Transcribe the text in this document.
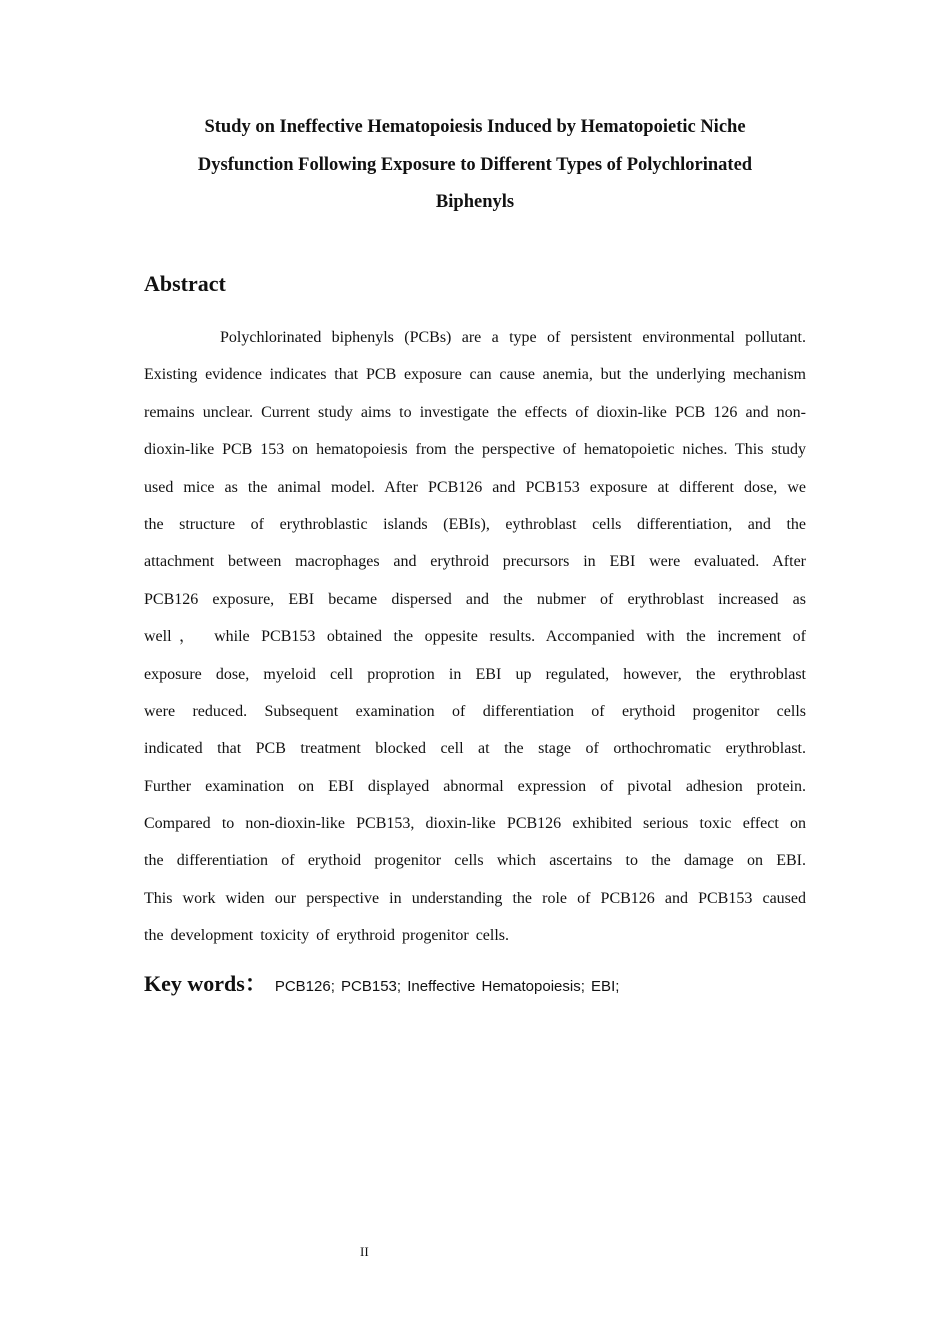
Study on Ineffective Hematopoiesis Induced by Hematopoietic Niche
Dysfunction Following Exposure to Different Types of Polychlorinated
Biphenyls
Abstract
Polychlorinated biphenyls (PCBs) are a type of persistent environmental pollutant.
Existing evidence indicates that PCB exposure can cause anemia, but the underlying mechanism
remains unclear. Current study aims to investigate the effects of dioxin-like PCB 126 and non-
dioxin-like PCB 153 on hematopoiesis from the perspective of hematopoietic niches. This study
used mice as the animal model. After PCB126 and PCB153 exposure at different dose, we
the structure of erythroblastic islands (EBIs), eythroblast cells differentiation, and the
attachment between macrophages and erythroid precursors in EBI were evaluated. After
PCB126 exposure, EBI became dispersed and the nubmer of erythroblast increased as
well， while PCB153 obtained the oppesite results. Accompanied with the increment of
exposure dose, myeloid cell proprotion in EBI up regulated, however, the erythroblast
were reduced. Subsequent examination of differentiation of erythoid progenitor cells
indicated that PCB treatment blocked cell at the stage of orthochromatic erythroblast.
Further examination on EBI displayed abnormal expression of pivotal adhesion protein.
Compared to non-dioxin-like PCB153, dioxin-like PCB126 exhibited serious toxic effect on
the differentiation of erythoid progenitor cells which ascertains to the damage on EBI.
This work widen our perspective in understanding the role of PCB126 and PCB153 caused
the development toxicity of erythroid progenitor cells.
Key words： PCB126; PCB153; Ineffective Hematopoiesis; EBI;
II
